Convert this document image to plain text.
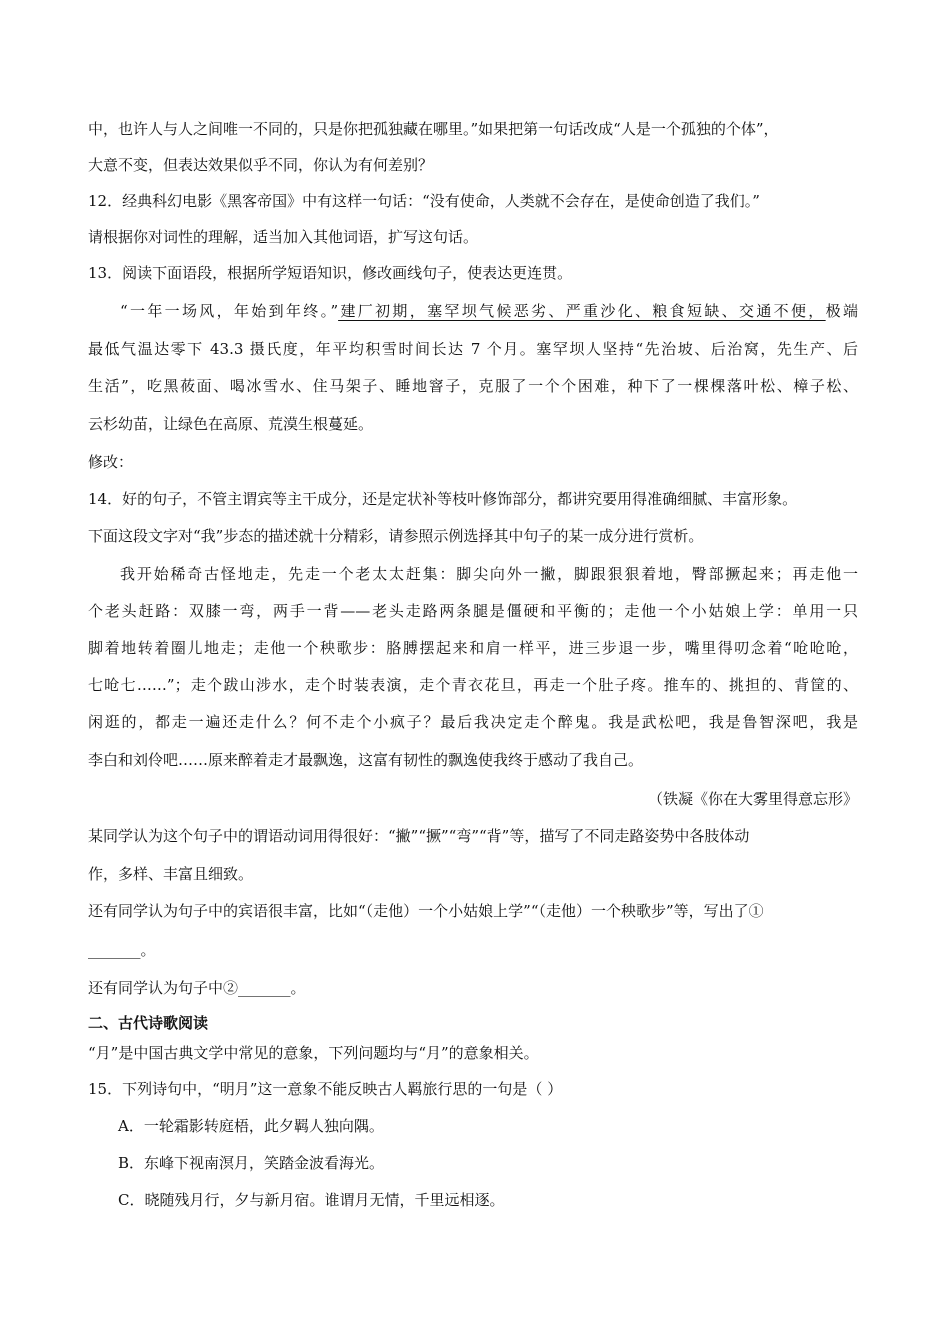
中，也许人与人之间唯一不同的，只是你把孤独藏在哪里。”如果把第一句话改成“人是一个孤独的个体”，
大意不变，但表达效果似乎不同，你认为有何差别？
12．经典科幻电影《黑客帝国》中有这样一句话：“没有使命，人类就不会存在，是使命创造了我们。”
请根据你对词性的理解，适当加入其他词语，扩写这句话。
13．阅读下面语段，根据所学短语知识，修改画线句子，使表达更连贯。
“一年一场风，年始到年终。”建厂初期，塞罕坝气候恶劣、严重沙化、粮食短缺、交通不便，极端
最低气温达零下 43.3 摄氏度，年平均积雪时间长达 7 个月。塞罕坝人坚持“先治坡、后治窝，先生产、后
生活”，吃黑莜面、喝冰雪水、住马架子、睡地窨子，克服了一个个困难，种下了一棵棵落叶松、樟子松、
云杉幼苗，让绿色在高原、荒漠生根蔓延。
修改：
14．好的句子，不管主谓宾等主干成分，还是定状补等枝叶修饰部分，都讲究要用得准确细腻、丰富形象。
下面这段文字对“我”步态的描述就十分精彩，请参照示例选择其中句子的某一成分进行赏析。
我开始稀奇古怪地走，先走一个老太太赶集：脚尖向外一撇，脚跟狠狠着地，臀部撅起来；再走他一
个老头赶路：双膝一弯，两手一背——老头走路两条腿是僵硬和平衡的；走他一个小姑娘上学：单用一只
脚着地转着圈儿地走；走他一个秧歌步：胳膊摆起来和肩一样平，进三步退一步，嘴里得叨念着“呛呛呛，
七呛七……”；走个跋山涉水，走个时装表演，走个青衣花旦，再走一个肚子疼。推车的、挑担的、背筐的、
闲逛的，都走一遍还走什么？何不走个小疯子？最后我决定走个醉鬼。我是武松吧，我是鲁智深吧，我是
李白和刘伶吧……原来醉着走才最飘逸，这富有韧性的飘逸使我终于感动了我自己。
（铁凝《你在大雾里得意忘形》
某同学认为这个句子中的谓语动词用得很好：“撇”“撅”“弯”“背”等，描写了不同走路姿势中各肢体动
作，多样、丰富且细致。
还有同学认为句子中的宾语很丰富，比如“（走他）一个小姑娘上学”“（走他）一个秧歌步”等，写出了①
_______。
还有同学认为句子中②_______。
二、古代诗歌阅读
“月”是中国古典文学中常见的意象，下列问题均与“月”的意象相关。
15．下列诗句中，“明月”这一意象不能反映古人羁旅行思的一句是（ ）
A．一轮霜影转庭梧，此夕羁人独向隅。
B．东峰下视南溟月，笑踏金波看海光。
C．晓随残月行，夕与新月宿。谁谓月无情，千里远相逐。
